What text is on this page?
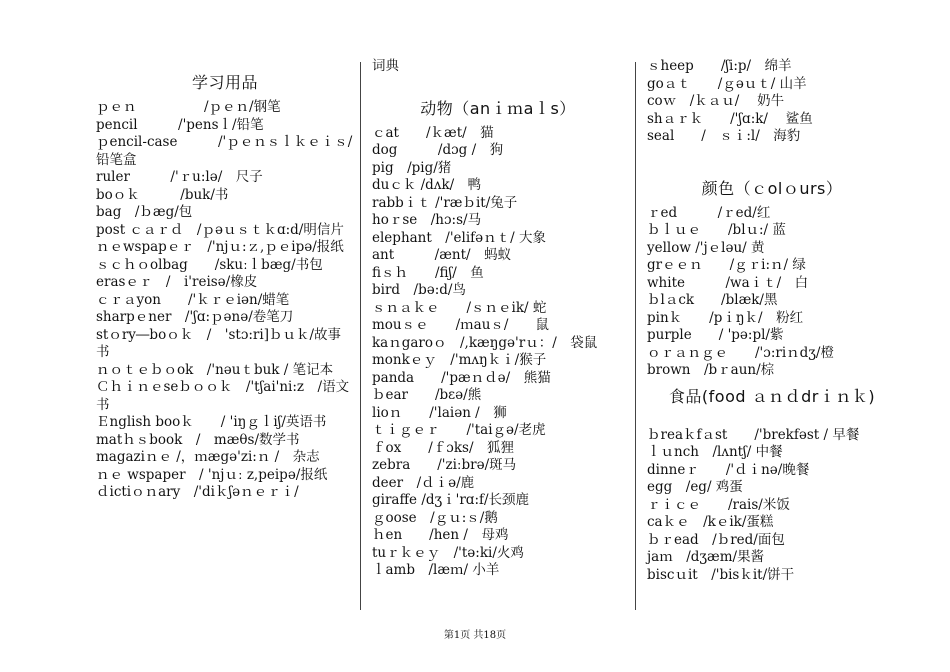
学习用品
ｐｅｎ　　　　　/ｐｅｎ/钢笔
pencil　　　/'pensｌ/铅笔
ｐencil-case　　　/'ｐｅｎｓｌｋｅｉｓ/铅笔盒
ruler　　　/'ｒu:lə/　尺子
boｏｋ　　　/buk/书
bag　/ｂæg/包
post ｃａｒｄ　/ｐəｕｓｔｋɑ:d/明信片
ｎｅwspapｅｒ　/'njｕ:ｚ,ｐｅipə/报纸
ｓｃｈｏolbag　　/skuːｌbæg/书包
erasｅｒ　/　i'reisə/橡皮
ｃｒａyon　　/'ｋｒｅiən/蜡笔
sharpｅner　/'ʃɑ:ｐənə/卷笔刀
stｏry―boｏｋ　/　'stɔ:ri]ｂｕｋ/故事书
ｎｏｔｅｂｏok　/'nəuｔbuk / 笔记本
Ｃｈｉｎｅseｂｏｏｋ　/'tʃai'ni:z　/语文书
Ｅnglish booｋ　　/ 'iŋｇｌiʃ/英语书
matｈｓbook　/　mæθs/数学书
magaziｎｅ /，ｍægə'zi:ｎ /　杂志
ｎｅ wspaper　/ 'njｕː z,peipə/报纸
ｄictiｏｎary　/'diｋʃəｎｅｒｉ/
词典
动物（anｉｍaｌs）
ｃat　　/ｋæt/　猫
dog　　　/dɔg /　狗
pig　/pig/猪
duｃｋ /dʌk/　鸭
rabbｉｔ /'ræｂit/兔子
hoｒse　/hɔ:s/马
elephant　/'elifəｎｔ/ 大象
ant　　　/ænt/　蚂蚁
fiｓｈ　　/fiʃ/　鱼
bird　/bə:d/鸟
ｓｎａｋｅ　　/ｓｎｅik/ 蛇
mouｓｅ　　/ｍauｓ/　　鼠
kaｎgaroｏ　/,kæŋgə'rｕ：/　袋鼠
monkｅｙ　/'mʌŋｋｉ/猴子
panda　　/'pæｎｄə/　熊猫
ｂear　　/bɛə/熊
lioｎ　　/'laiən /　狮
ｔｉｇｅｒ　　/'taiｇə/老虎
ｆox　　/ｆɔks/　狐狸
zebra　　/'ziːbrə/斑马
deer　/ｄｉə/鹿
giraffe /dʒｉ'rɑ:f/长颈鹿
ｇoose　/ｇｕ:ｓ/鹅
ｈen　　/hen /　母鸡
tuｒｋｅｙ　/'tə:ki/火鸡
ｌamb　/læｍ/ 小羊
ｓheep　　/ʃi:p/　绵羊
goａｔ　　/ｇəｕｔ/ 山羊
coｗ　/ｋａｕ/　 奶牛
shａｒｋ　　/'ʃɑ:k/　 鲨鱼
seal　　/　ｓｉ:l/　海豹
颜色（ｃolｏurs）
ｒed　　　/ｒed/红
ｂｌｕｅ　　/blｕ:/ 蓝
yellow /'jｅləu/ 黄
grｅｅｎ　　/ｇｒi:ｎ/ 绿
white　　　/waｉｔ/　白
ｂlａck　　/blæk/黑
pinｋ　　/pｉŋｋ/　粉红
purple　　/ 'pə:pl/紫
ｏｒａｎｇｅ　　/'ɔ:riｎdʒ/橙
brown　/bｒaun/棕
食品(food ａｎｄdrｉｎｋ)
ｂreaｋfａst　　/'brekfəst / 早餐
ｌｕnch　/lʌntʃ/ 中餐
dinneｒ　　/'ｄｉnə/晚餐
egg　/eg/ 鸡蛋
ｒｉｃｅ　　/rais/米饭
caｋｅ　/kｅik/蛋糕
ｂｒead　/ｂred/面包
jaｍ　/dʒæm/果酱
biscｕit　/'bisｋit/饼干
第1页 共18页
